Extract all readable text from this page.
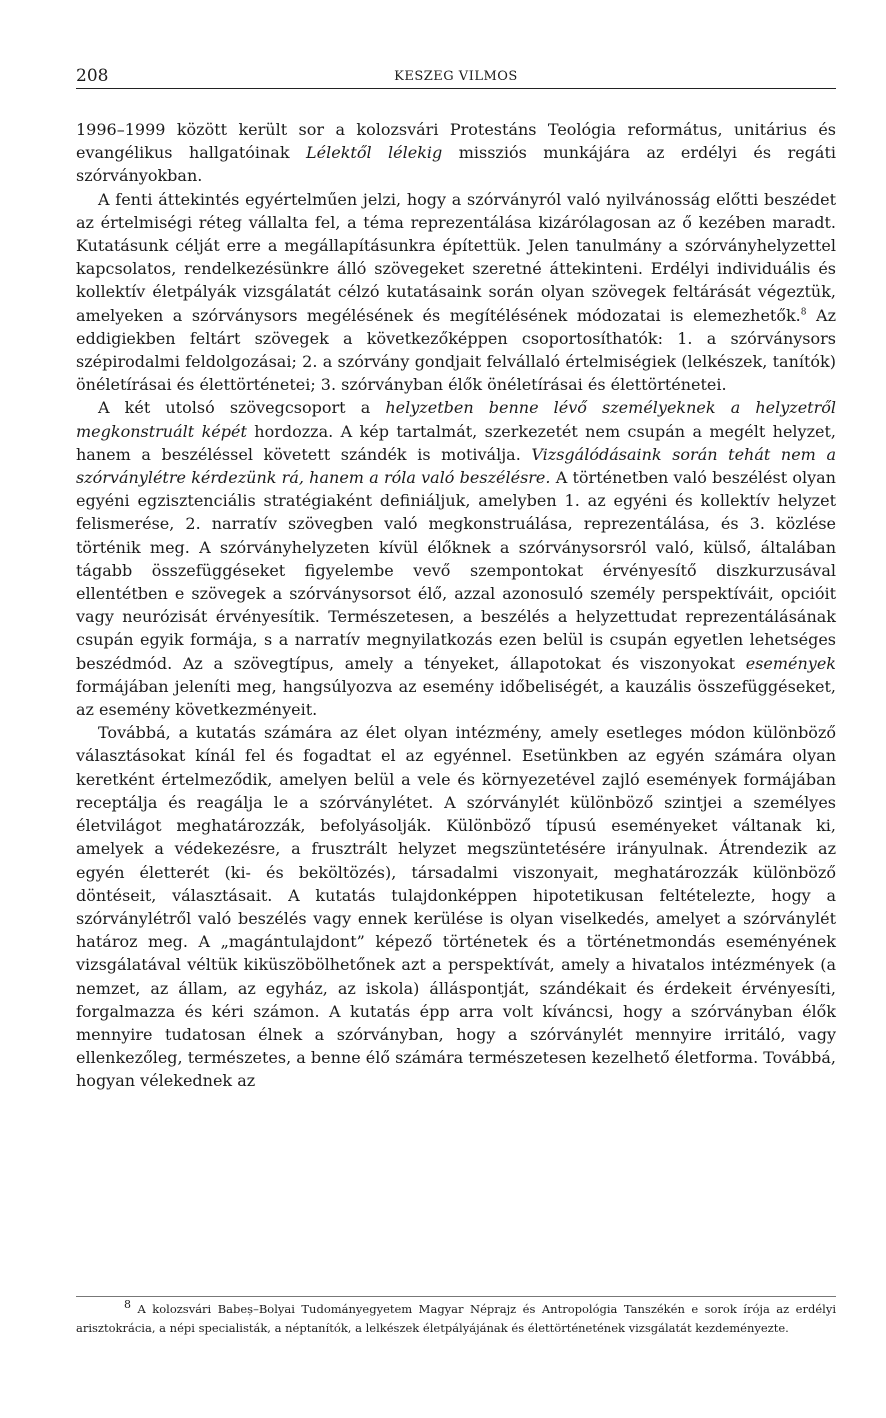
208	KESZEG VILMOS

1996–1999 között került sor a kolozsvári Protestáns Teológia református, unitárius és evangélikus hallgatóinak Lélektől lélekig missziós munkájára az erdélyi és regáti szórványokban.

A fenti áttekintés egyértelműen jelzi, hogy a szórványról való nyilvánosság előtti beszédet az értelmiségi réteg vállalta fel, a téma reprezentálása kizárólagosan az ő kezében maradt. Kutatásunk célját erre a megállapításunkra építettük. Jelen tanulmány a szórványhelyzettel kapcsolatos, rendelkezésünkre álló szövegeket szeretné áttekinteni. Erdélyi individuális és kollektív életpályák vizsgálatát célzó kutatásaink során olyan szövegek feltárását végeztük, amelyeken a szórványsors megélésének és megítélésének módozatai is elemezhetők.$^8$ Az eddigiekben feltárt szövegek a következőképpen csoportosíthatók: 1. a szórványsors szépirodalmi feldolgozásai; 2. a szórvány gondjait felvállaló értelmiségiek (lelkészek, tanítók) önéletírásai és élettörténetei; 3. szórványban élők önéletírásai és élettörténetei.

A két utolsó szövegcsoport a helyzetben benne lévő személyeknek a helyzetről megkonstruált képét hordozza. A kép tartalmát, szerkezetét nem csupán a megélt helyzet, hanem a beszéléssel követett szándék is motiválja. Vizsgálódásaink során tehát nem a szórványlétre kérdezünk rá, hanem a róla való beszélésre. A történetben való beszélést olyan egyéni egzisztenciális stratégiaként definiáljuk, amelyben 1. az egyéni és kollektív helyzet felismerése, 2. narratív szövegben való megkonstruálása, reprezentálása, és 3. közlése történik meg. A szórványhelyzeten kívül élőknek a szórványsorsról való, külső, általában tágabb összefüggéseket figyelembe vevő szempontokat érvényesítő diszkurzusával ellentétben e szövegek a szórványsorsot élő, azzal azonosuló személy perspektíváit, opcióit vagy neurózisát érvényesítik. Természetesen, a beszélés a helyzettudat reprezentálásának csupán egyik formája, s a narratív megnyilatkozás ezen belül is csupán egyetlen lehetséges beszédmód. Az a szövegtípus, amely a tényeket, állapotokat és viszonyokat események formájában jeleníti meg, hangsúlyozva az esemény időbeliségét, a kauzális összefüggéseket, az esemény következményeit.

Továbbá, a kutatás számára az élet olyan intézmény, amely esetleges módon különböző választásokat kínál fel és fogadtat el az egyénnel. Esetünkben az egyén számára olyan keretként értelmeződik, amelyen belül a vele és környezetével zajló események formájában receptálja és reagálja le a szórványlétet. A szórványlét különböző szintjei a személyes életvilágot meghatározzák, befolyásolják. Különböző típusú eseményeket váltanak ki, amelyek a védekezésre, a frusztrált helyzet megszüntetésére irányulnak. Átrendezik az egyén életterét (ki- és beköltözés), társadalmi viszonyait, meghatározzák különböző döntéseit, választásait. A kutatás tulajdonképpen hipotetikusan feltételezte, hogy a szórványlétről való beszélés vagy ennek kerülése is olyan viselkedés, amelyet a szórványlét határoz meg. A „magántulajdont” képező történetek és a történetmondás eseményének vizsgálatával véltük kiküszöbölhetőnek azt a perspektívát, amely a hivatalos intézmények (a nemzet, az állam, az egyház, az iskola) álláspontját, szándékait és érdekeit érvényesíti, forgalmazza és kéri számon. A kutatás épp arra volt kíváncsi, hogy a szórványban élők mennyire tudatosan élnek a szórványban, hogy a szórványlét mennyire irritáló, vagy ellenkezőleg, természetes, a benne élő számára természetesen kezelhető életforma. Továbbá, hogyan vélekednek az

$^8$ A kolozsvári Babeș–Bolyai Tudományegyetem Magyar Néprajz és Antropológia Tanszékén e sorok írója az erdélyi arisztokrácia, a népi specialisták, a néptanítók, a lelkészek életpályájának és élettörténetének vizsgálatát kezdeményezte.
